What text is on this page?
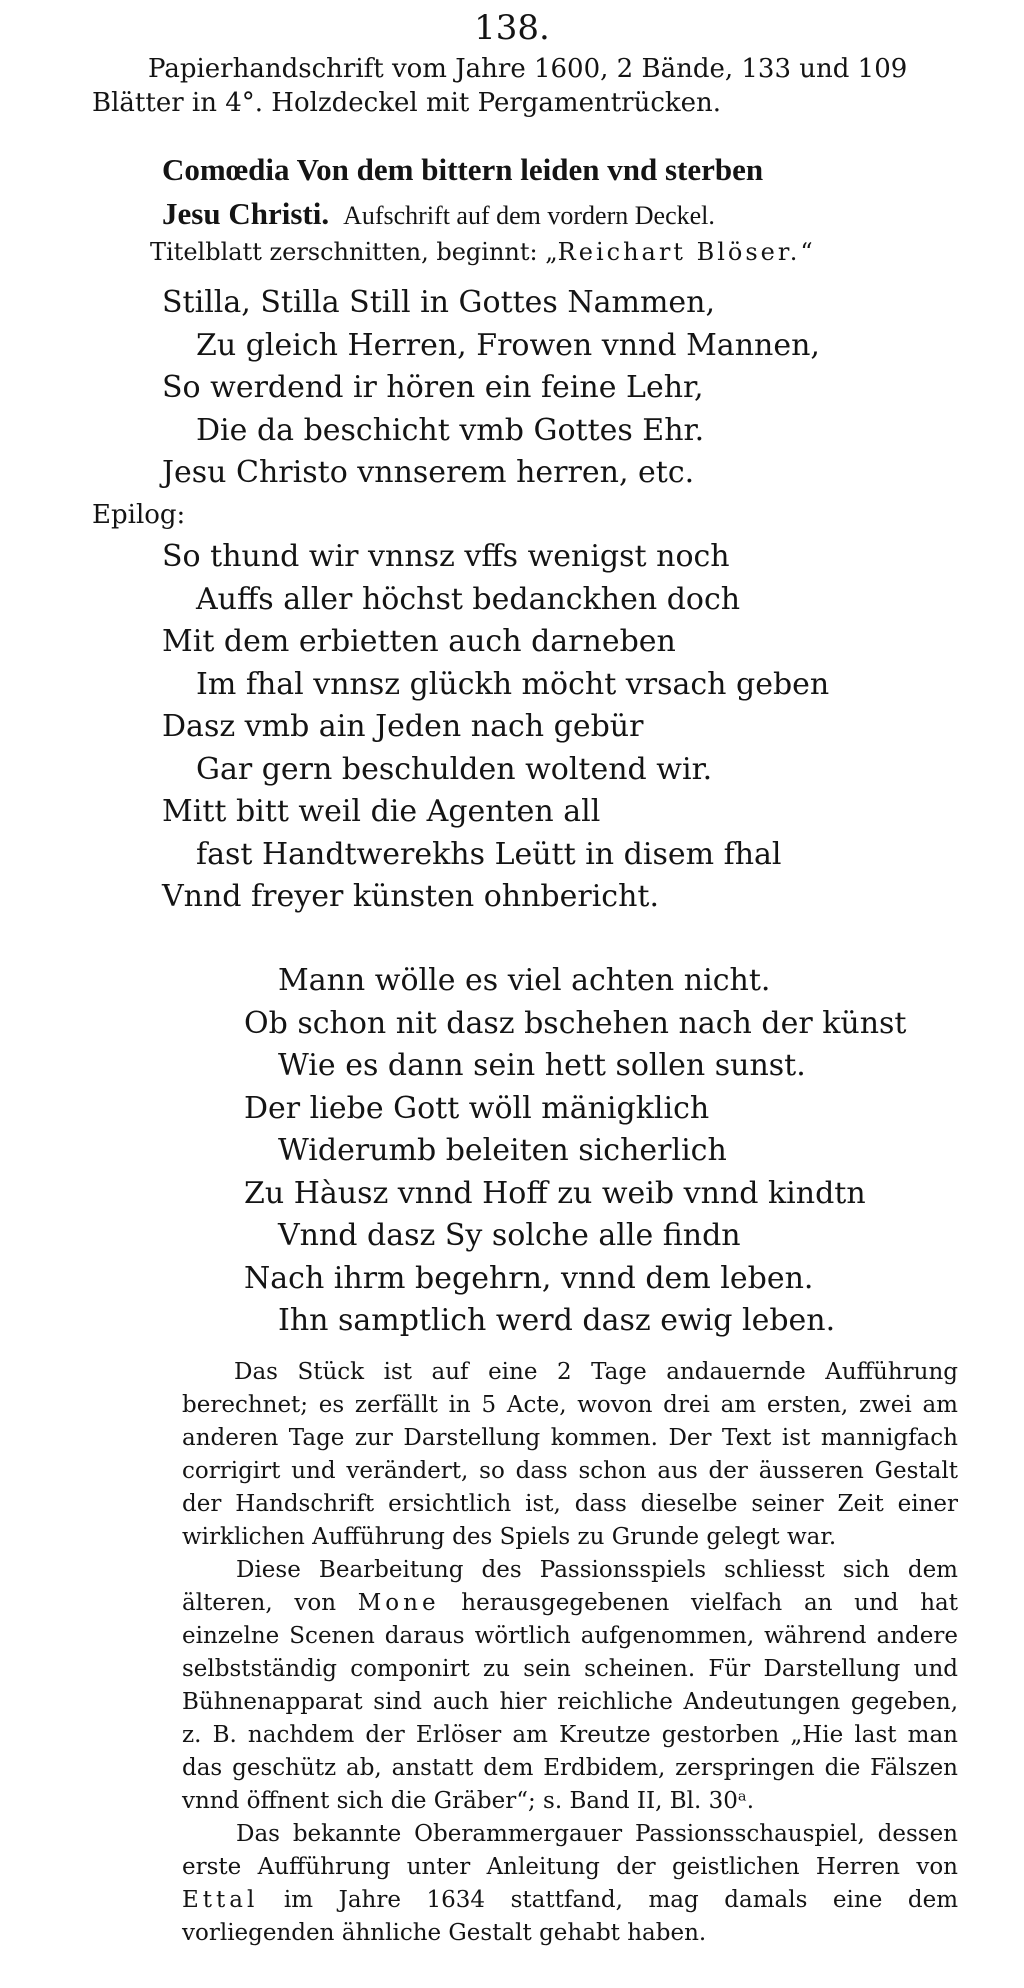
138.
Papierhandschrift vom Jahre 1600, 2 Bände, 133 und 109
Blätter in 4°. Holzdeckel mit Pergamentrücken.
Comœdia Von dem bittern leiden vnd sterben
Jesu Christi. Aufschrift auf dem vordern Deckel.
Titelblatt zerschnitten, beginnt: „Reichart Blöser.“
Stilla, Stilla Still in Gottes Nammen,
Zu gleich Herren, Frowen vnnd Mannen,
So werdend ir hören ein feine Lehr,
Die da beschicht vmb Gottes Ehr.
Jesu Christo vnnserem herren, etc.
Epilog:
So thund wir vnnsz vffs wenigst noch
Auffs aller höchst bedanckhen doch
Mit dem erbietten auch darneben
Im fhal vnnsz glückh möcht vrsach geben
Dasz vmb ain Jeden nach gebür
Gar gern beschulden woltend wir.
Mitt bitt weil die Agenten all
fast Handtwerekhs Leütt in disem fhal
Vnnd freyer künsten ohnbericht.
Mann wölle es viel achten nicht.
Ob schon nit dasz bschehen nach der künst
Wie es dann sein hett sollen sunst.
Der liebe Gott wöll mänigklich
Widerumb beleiten sicherlich
Zu Hàusz vnnd Hoff zu weib vnnd kindtn
Vnnd dasz Sy solche alle findn
Nach ihrm begehrn, vnnd dem leben.
Ihn samptlich werd dasz ewig leben.

Das Stück ist auf eine 2 Tage andauernde Aufführung berechnet; es zerfällt in 5 Acte, wovon drei am ersten, zwei am anderen Tage zur Darstellung kommen. Der Text ist mannigfach corrigirt und verändert, so dass schon aus der äusseren Gestalt der Handschrift ersichtlich ist, dass dieselbe seiner Zeit einer wirklichen Aufführung des Spiels zu Grunde gelegt war.

Diese Bearbeitung des Passionsspiels schliesst sich dem älteren, von Mone herausgegebenen vielfach an und hat einzelne Scenen daraus wörtlich aufgenommen, während andere selbstständig componirt zu sein scheinen. Für Darstellung und Bühnenapparat sind auch hier reichliche Andeutungen gegeben, z. B. nachdem der Erlöser am Kreutze gestorben „Hie last man das geschütz ab, anstatt dem Erdbidem, zerspringen die Fälszen vnnd öffnent sich die Gräber“; s. Band II, Bl. 30ᵃ.

Das bekannte Oberammergauer Passionsschauspiel, dessen erste Aufführung unter Anleitung der geistlichen Herren von Ettal im Jahre 1634 stattfand, mag damals eine dem vorliegenden ähnliche Gestalt gehabt haben.
